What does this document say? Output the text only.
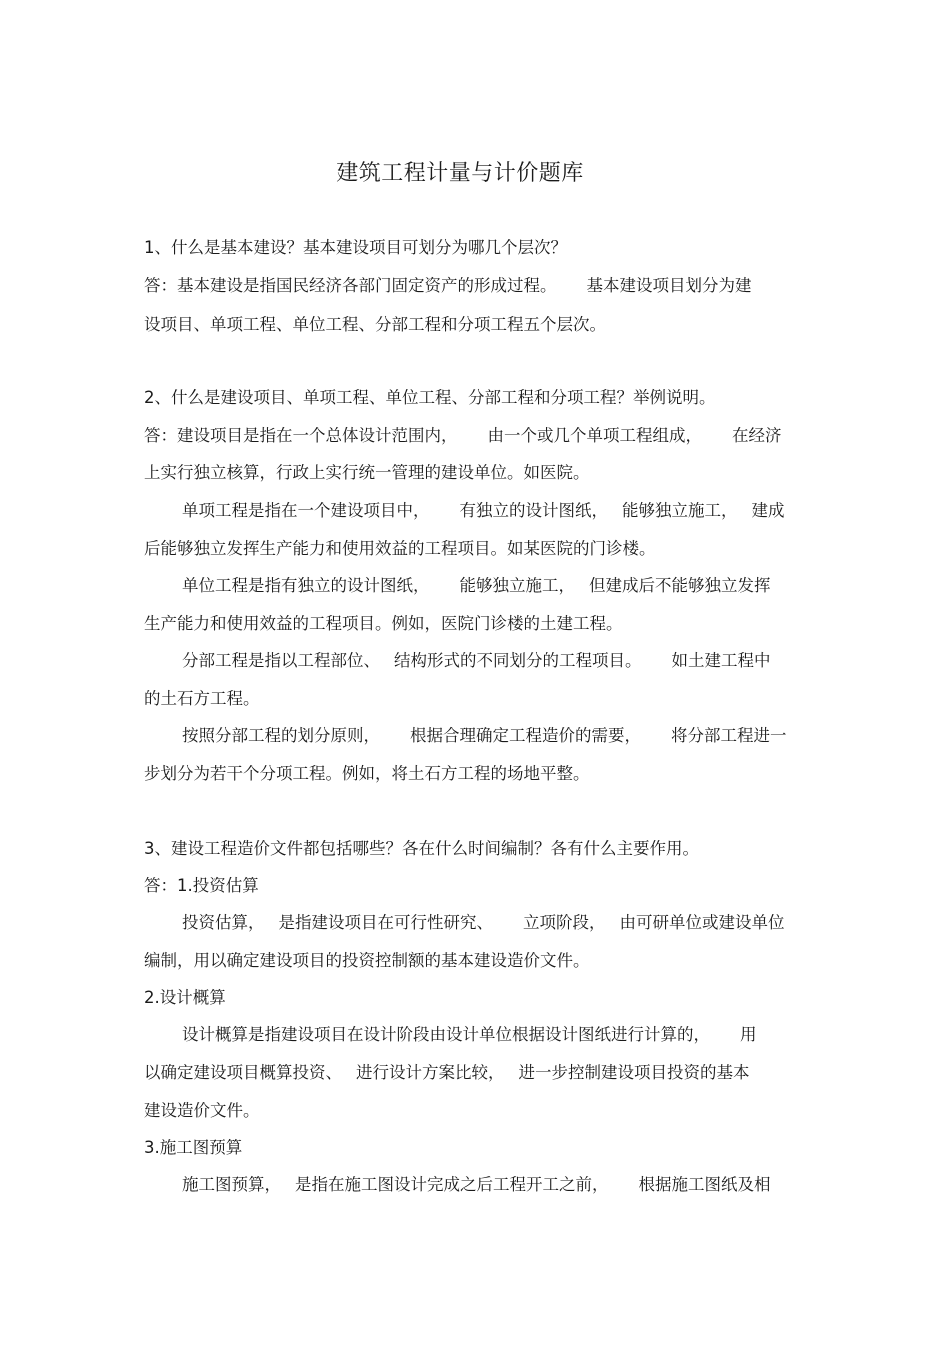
建筑工程计量与计价题库
1、什么是基本建设？基本建设项目可划分为哪几个层次？
答：基本建设是指国民经济各部门固定资产的形成过程。 基本建设项目划分为建
设项目、单项工程、单位工程、分部工程和分项工程五个层次。
2、什么是建设项目、单项工程、单位工程、分部工程和分项工程？举例说明。
答：建设项目是指在一个总体设计范围内， 由一个或几个单项工程组成， 在经济
上实行独立核算，行政上实行统一管理的建设单位。如医院。
单项工程是指在一个建设项目中， 有独立的设计图纸， 能够独立施工， 建成
后能够独立发挥生产能力和使用效益的工程项目。如某医院的门诊楼。
单位工程是指有独立的设计图纸， 能够独立施工， 但建成后不能够独立发挥
生产能力和使用效益的工程项目。例如，医院门诊楼的土建工程。
分部工程是指以工程部位、 结构形式的不同划分的工程项目。 如土建工程中
的土石方工程。
按照分部工程的划分原则， 根据合理确定工程造价的需要， 将分部工程进一
步划分为若干个分项工程。例如，将土石方工程的场地平整。
3、建设工程造价文件都包括哪些？各在什么时间编制？各有什么主要作用。
答：1.投资估算
投资估算， 是指建设项目在可行性研究、 立项阶段， 由可研单位或建设单位
编制，用以确定建设项目的投资控制额的基本建设造价文件。
2.设计概算
设计概算是指建设项目在设计阶段由设计单位根据设计图纸进行计算的， 用
以确定建设项目概算投资、 进行设计方案比较， 进一步控制建设项目投资的基本
建设造价文件。
3.施工图预算
施工图预算， 是指在施工图设计完成之后工程开工之前， 根据施工图纸及相
